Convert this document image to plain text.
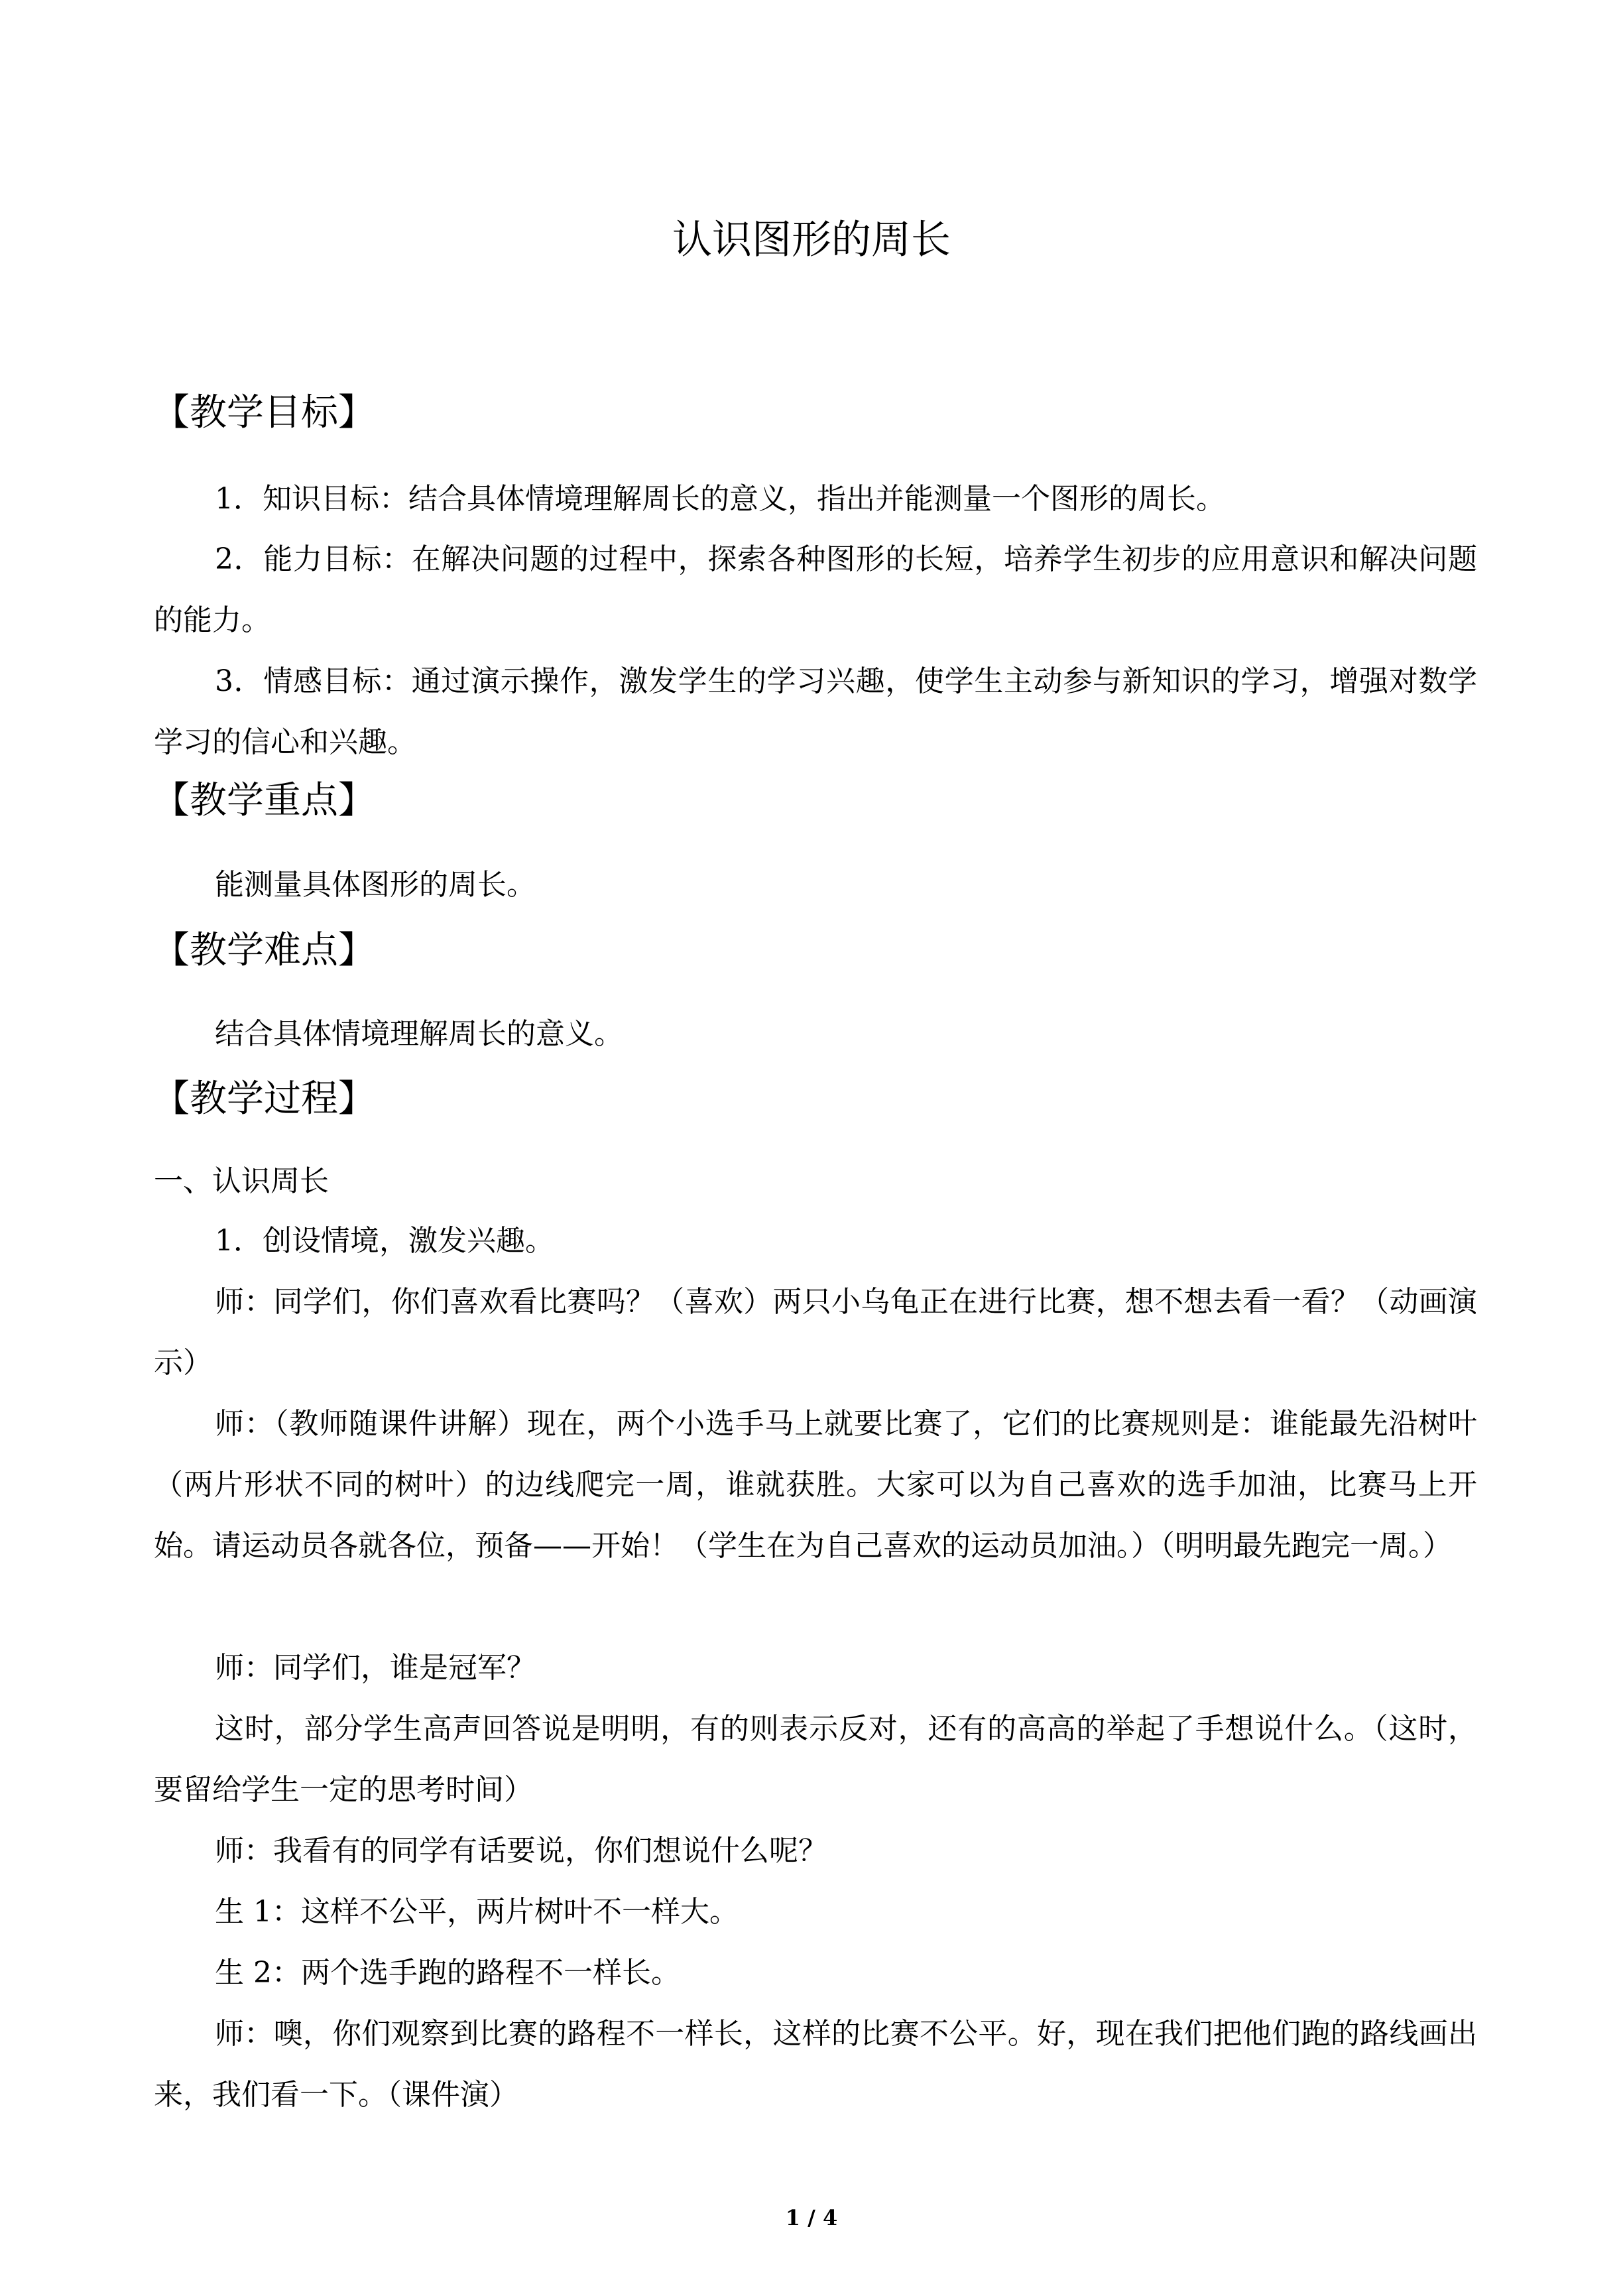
认识图形的周长
【教学目标】

1．知识目标：结合具体情境理解周长的意义，指出并能测量一个图形的周长。

2．能力目标：在解决问题的过程中，探索各种图形的长短，培养学生初步的应用意识和解决问题的能力。

3．情感目标：通过演示操作，激发学生的学习兴趣，使学生主动参与新知识的学习，增强对数学学习的信心和兴趣。

【教学重点】
能测量具体图形的周长。
【教学难点】
结合具体情境理解周长的意义。
【教学过程】
一、认识周长
1．创设情境，激发兴趣。

师：同学们，你们喜欢看比赛吗？（喜欢）两只小乌龟正在进行比赛，想不想去看一看？（动画演示）

师：（教师随课件讲解）现在，两个小选手马上就要比赛了，它们的比赛规则是：谁能最先沿树叶（两片形状不同的树叶）的边线爬完一周，谁就获胜。大家可以为自己喜欢的选手加油，比赛马上开始。请运动员各就各位，预备——开始！（学生在为自己喜欢的运动员加油。）（明明最先跑完一周。）

师：同学们，谁是冠军？

这时，部分学生高声回答说是明明，有的则表示反对，还有的高高的举起了手想说什么。（这时，要留给学生一定的思考时间）

师：我看有的同学有话要说，你们想说什么呢？

生 1：这样不公平，两片树叶不一样大。

生 2：两个选手跑的路程不一样长。

师：噢，你们观察到比赛的路程不一样长，这样的比赛不公平。好，现在我们把他们跑的路线画出来，我们看一下。（课件演）

1 / 4
